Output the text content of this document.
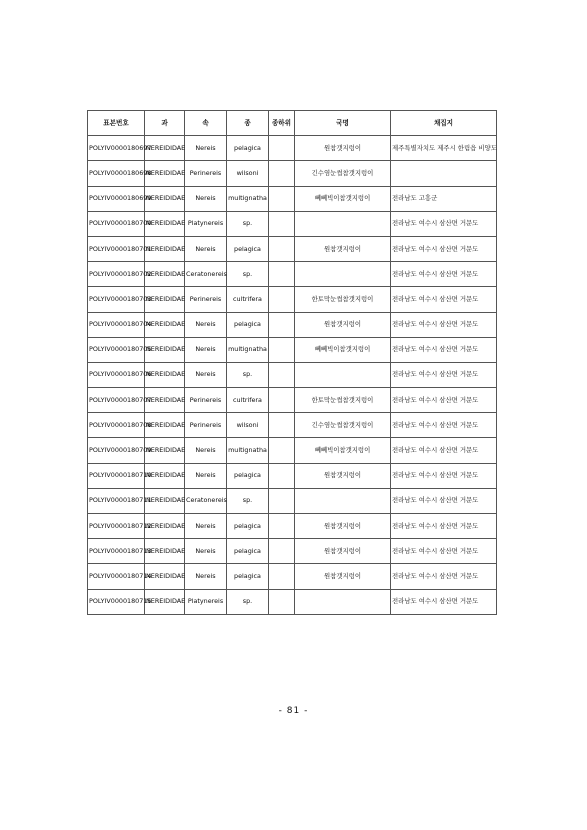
표본번호	과	속	종	종하위	국명	채집지
POLYIV0000180697	NEREIDIDAE	Nereis	pelagica		원참갯지렁이	제주특별자치도 제주시 한림읍 비양도
POLYIV0000180698	NEREIDIDAE	Perinereis	wilsoni		긴수염눈썹참갯지렁이	
POLYIV0000180699	NEREIDIDAE	Nereis	multignatha		뻬뻬빅이참갯지렁이	전라남도 고흥군
POLYIV0000180700	NEREIDIDAE	Platynereis	sp.			전라남도 여수시 삼산면 거문도
POLYIV0000180701	NEREIDIDAE	Nereis	pelagica		원참갯지렁이	전라남도 여수시 삼산면 거문도
POLYIV0000180702	NEREIDIDAE	Ceratonereis	sp.			전라남도 여수시 삼산면 거문도
POLYIV0000180703	NEREIDIDAE	Perinereis	cultrifera		한토막눈썹참갯지렁이	전라남도 여수시 삼산면 거문도
POLYIV0000180704	NEREIDIDAE	Nereis	pelagica		원참갯지렁이	전라남도 여수시 삼산면 거문도
POLYIV0000180705	NEREIDIDAE	Nereis	multignatha		뻬뻬빅이참갯지렁이	전라남도 여수시 삼산면 거문도
POLYIV0000180706	NEREIDIDAE	Nereis	sp.			전라남도 여수시 삼산면 거문도
POLYIV0000180707	NEREIDIDAE	Perinereis	cultrifera		한토막눈썹참갯지렁이	전라남도 여수시 삼산면 거문도
POLYIV0000180708	NEREIDIDAE	Perinereis	wilsoni		긴수염눈썹참갯지렁이	전라남도 여수시 삼산면 거문도
POLYIV0000180709	NEREIDIDAE	Nereis	multignatha		뻬뻬빅이참갯지렁이	전라남도 여수시 삼산면 거문도
POLYIV0000180710	NEREIDIDAE	Nereis	pelagica		원참갯지렁이	전라남도 여수시 삼산면 거문도
POLYIV0000180711	NEREIDIDAE	Ceratonereis	sp.			전라남도 여수시 삼산면 거문도
POLYIV0000180712	NEREIDIDAE	Nereis	pelagica		원참갯지렁이	전라남도 여수시 삼산면 거문도
POLYIV0000180713	NEREIDIDAE	Nereis	pelagica		원참갯지렁이	전라남도 여수시 삼산면 거문도
POLYIV0000180714	NEREIDIDAE	Nereis	pelagica		원참갯지렁이	전라남도 여수시 삼산면 거문도
POLYIV0000180715	NEREIDIDAE	Platynereis	sp.			전라남도 여수시 삼산면 거문도
- 81 -
